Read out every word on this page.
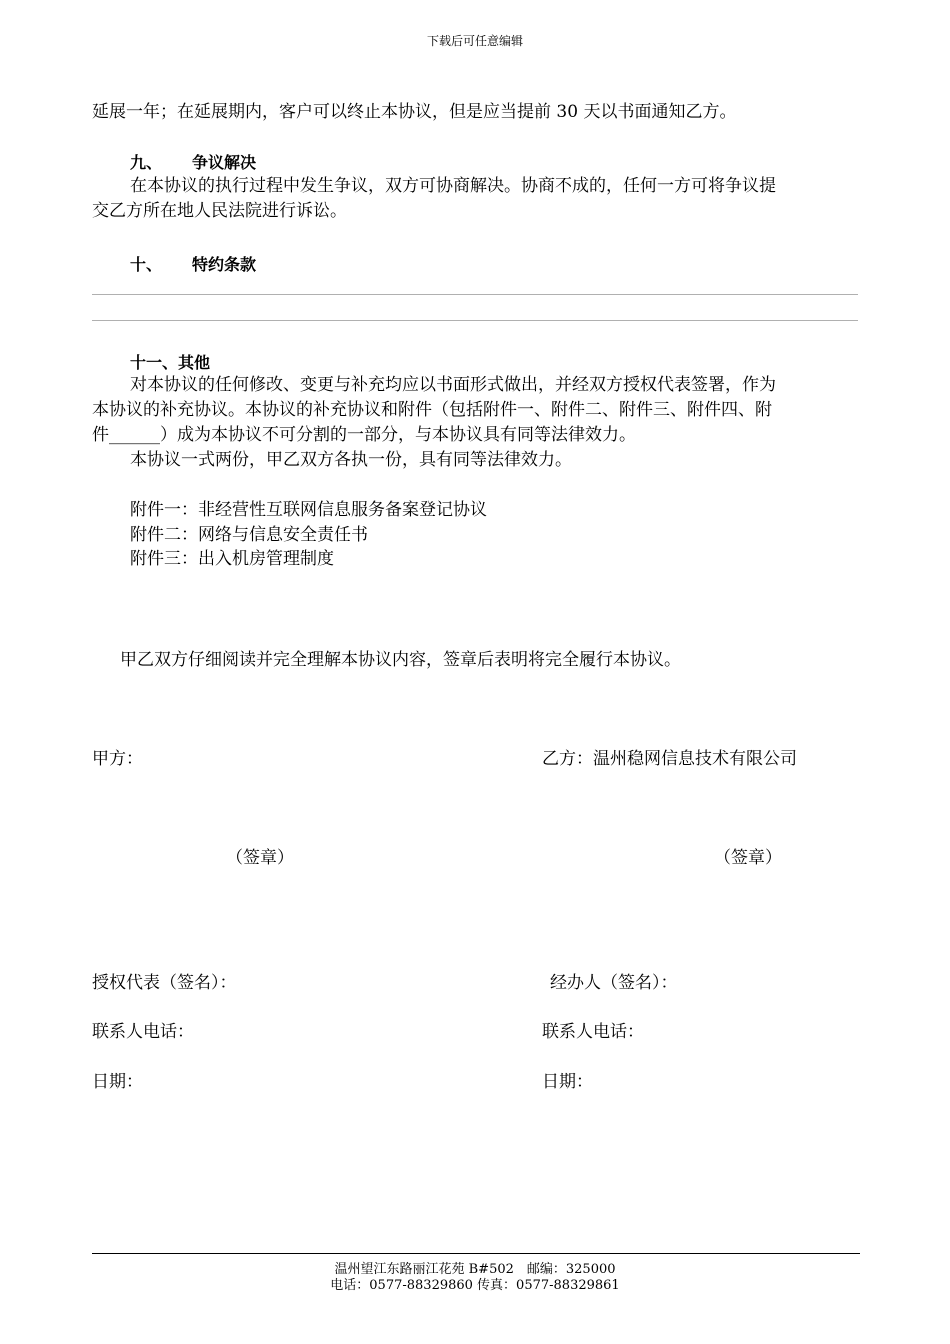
下载后可任意编辑
延展一年；在延展期内，客户可以终止本协议，但是应当提前 30 天以书面通知乙方。
九、 争议解决
在本协议的执行过程中发生争议，双方可协商解决。协商不成的，任何一方可将争议提
交乙方所在地人民法院进行诉讼。
十、 特约条款
十一、其他
对本协议的任何修改、变更与补充均应以书面形式做出，并经双方授权代表签署，作为
本协议的补充协议。本协议的补充协议和附件（包括附件一、附件二、附件三、附件四、附
件______）成为本协议不可分割的一部分，与本协议具有同等法律效力。
本协议一式两份，甲乙双方各执一份，具有同等法律效力。
附件一：非经营性互联网信息服务备案登记协议
附件二：网络与信息安全责任书
附件三：出入机房管理制度
甲乙双方仔细阅读并完全理解本协议内容，签章后表明将完全履行本协议。
甲方：	乙方：温州稳网信息技术有限公司
（签章）	（签章）
授权代表（签名）：	经办人（签名）：
联系人电话：	联系人电话：
日期：	日期：
温州望江东路丽江花苑 B#502　邮编：325000
电话：0577-88329860 传真：0577-88329861
